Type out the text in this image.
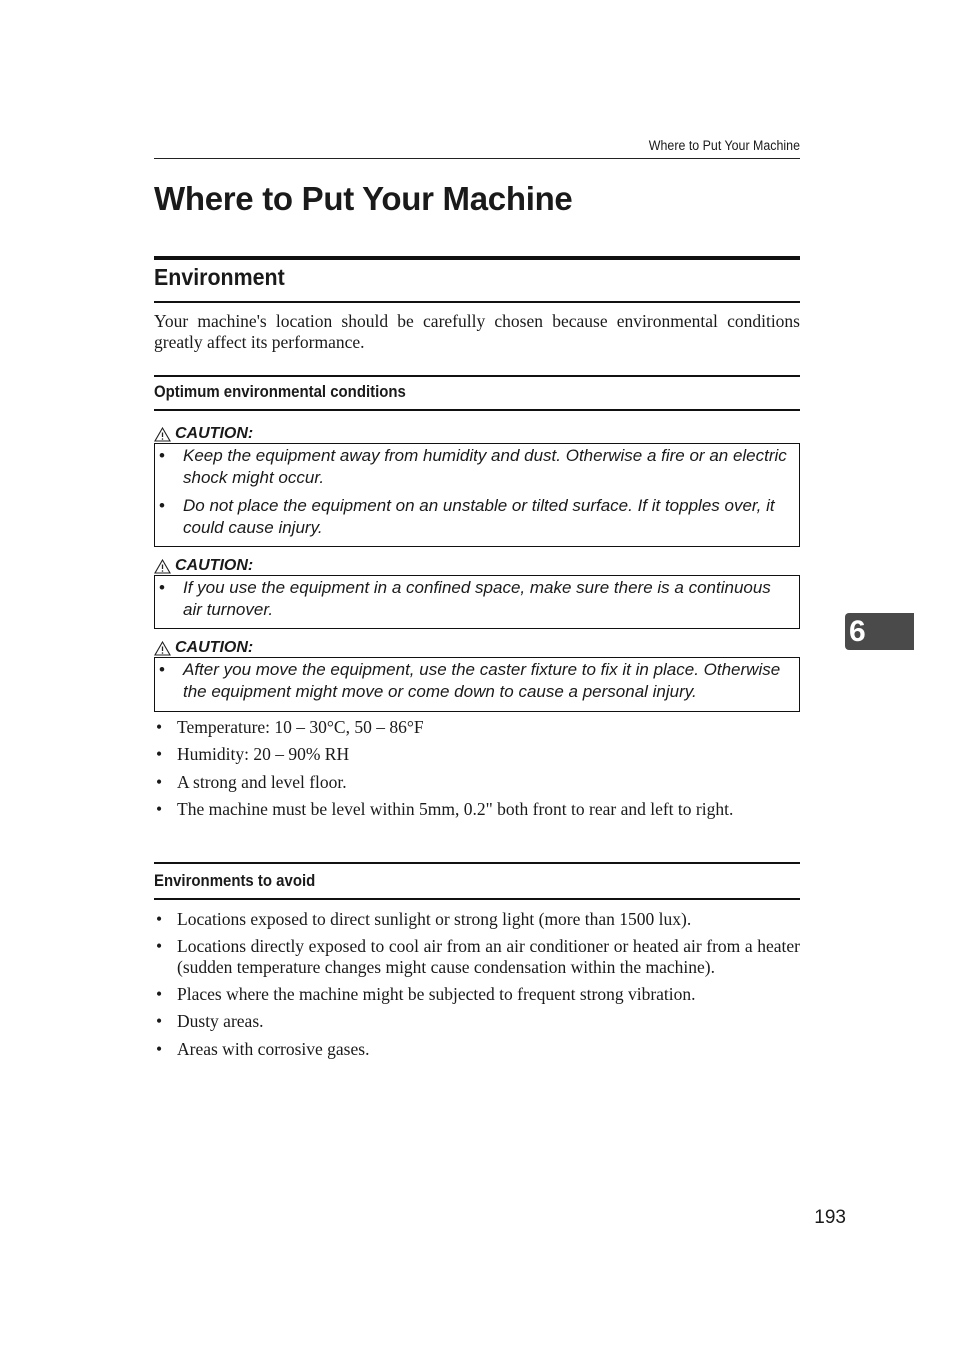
Where to Put Your Machine
Where to Put Your Machine
Environment

Your machine's location should be carefully chosen because environmental conditions greatly affect its performance.

Optimum environmental conditions
CAUTION:
• Keep the equipment away from humidity and dust. Otherwise a fire or an electric shock might occur.
• Do not place the equipment on an unstable or tilted surface. If it topples over, it could cause injury.
CAUTION:
• If you use the equipment in a confined space, make sure there is a continuous air turnover.
CAUTION:
• After you move the equipment, use the caster fixture to fix it in place. Otherwise the equipment might move or come down to cause a personal injury.
• Temperature: 10 – 30°C, 50 – 86°F
• Humidity: 20 – 90% RH
• A strong and level floor.
• The machine must be level within 5mm, 0.2" both front to rear and left to right.
Environments to avoid
• Locations exposed to direct sunlight or strong light (more than 1500 lux).
• Locations directly exposed to cool air from an air conditioner or heated air from a heater (sudden temperature changes might cause condensation within the machine).
• Places where the machine might be subjected to frequent strong vibration.
• Dusty areas.
• Areas with corrosive gases.
6
193
